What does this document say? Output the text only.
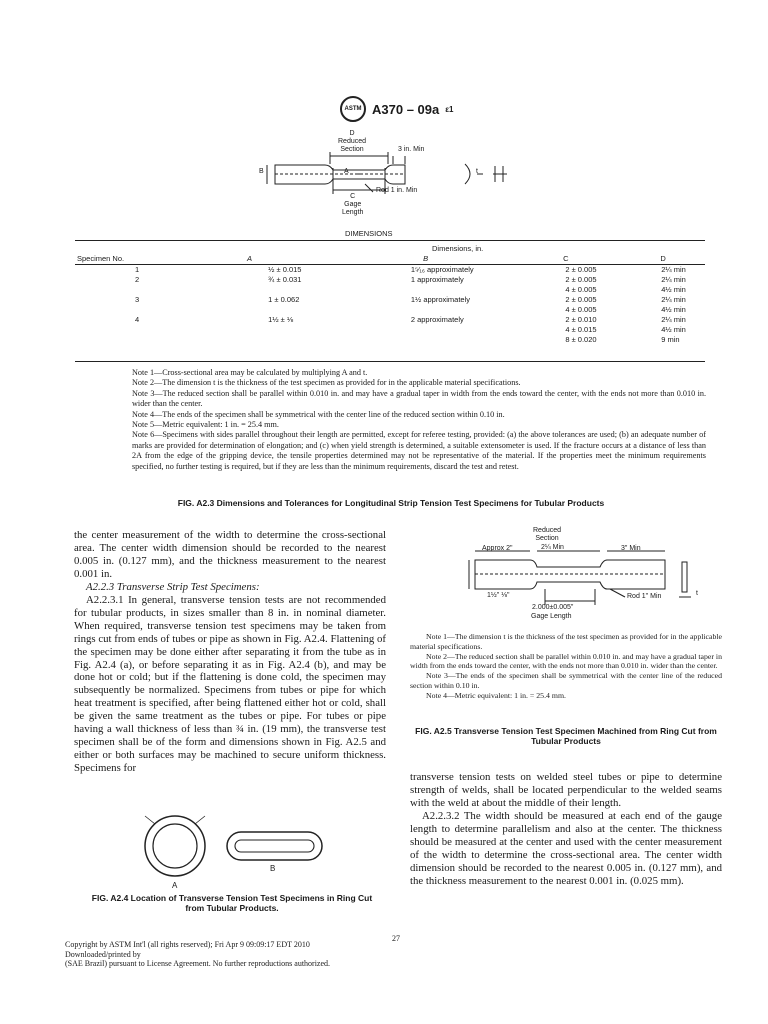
ASTM A370 – 09a ε1
D
Reduced
Section	3 in. Min
B	A
Rod 1 in. Min
t
C
Gage
Length
DIMENSIONS
Dimensions, in.
Specimen No.	A	B	C	D
1	½ ± 0.015	1⁵⁄₁₆ approximately	2 ± 0.005	2¼ min
2	¾ ± 0.031	1 approximately	2 ± 0.005	2¼ min
			4 ± 0.005	4½ min
3	1 ± 0.062	1½ approximately	2 ± 0.005	2¼ min
			4 ± 0.005	4½ min
4	1½ ± ⅛	2 approximately	2 ± 0.010	2¼ min
			4 ± 0.015	4½ min
			8 ± 0.020	9 min

Note 1—Cross-sectional area may be calculated by multiplying A and t.

Note 2—The dimension t is the thickness of the test specimen as provided for in the applicable material specifications.

Note 3—The reduced section shall be parallel within 0.010 in. and may have a gradual taper in width from the ends toward the center, with the ends not more than 0.010 in. wider than the center.

Note 4—The ends of the specimen shall be symmetrical with the center line of the reduced section within 0.10 in.

Note 5—Metric equivalent: 1 in. = 25.4 mm.

Note 6—Specimens with sides parallel throughout their length are permitted, except for referee testing, provided: (a) the above tolerances are used; (b) an adequate number of marks are provided for determination of elongation; and (c) when yield strength is determined, a suitable extensometer is used. If the fracture occurs at a distance of less than 2A from the edge of the gripping device, the tensile properties determined may not be representative of the material. If the properties meet the minimum requirements specified, no further testing is required, but if they are less than the minimum requirements, discard the test and retest.

FIG. A2.3 Dimensions and Tolerances for Longitudinal Strip Tension Test Specimens for Tubular Products

the center measurement of the width to determine the cross-sectional area. The center width dimension should be recorded to the nearest 0.005 in. (0.127 mm), and the thickness measurement to the nearest 0.001 in.

A2.2.3 Transverse Strip Test Specimens:

A2.2.3.1 In general, transverse tension tests are not recommended for tubular products, in sizes smaller than 8 in. in nominal diameter. When required, transverse tension test specimens may be taken from rings cut from ends of tubes or pipe as shown in Fig. A2.4. Flattening of the specimen may be done either after separating it from the tube as in Fig. A2.4 (a), or before separating it as in Fig. A2.4 (b), and may be done hot or cold; but if the flattening is done cold, the specimen may subsequently be normalized. Specimens from tubes or pipe for which heat treatment is specified, after being flattened either hot or cold, shall be given the same treatment as the tubes or pipe. For tubes or pipe having a wall thickness of less than ¾ in. (19 mm), the transverse test specimen shall be of the form and dimensions shown in Fig. A2.5 and either or both surfaces may be machined to secure uniform thickness. Specimens for

A
B
FIG. A2.4 Location of Transverse Tension Test Specimens in Ring Cut from Tubular Products.
Reduced
Section
Approx 2"	2¼ Min	3" Min
1½" ⅛"	Rod 1" Min
2.000±0.005"
Gage Length
t

Note 1—The dimension t is the thickness of the test specimen as provided for in the applicable material specifications.

Note 2—The reduced section shall be parallel within 0.010 in. and may have a gradual taper in width from the ends toward the center, with the ends not more than 0.010 in. wider than the center.

Note 3—The ends of the specimen shall be symmetrical with the center line of the reduced section within 0.10 in.

Note 4—Metric equivalent: 1 in. = 25.4 mm.

FIG. A2.5 Transverse Tension Test Specimen Machined from Ring Cut from Tubular Products

transverse tension tests on welded steel tubes or pipe to determine strength of welds, shall be located perpendicular to the welded seams with the weld at about the middle of their length.

A2.2.3.2 The width should be measured at each end of the gauge length to determine parallelism and also at the center. The thickness should be measured at the center and used with the center measurement of the width to determine the cross-sectional area. The center width dimension should be recorded to the nearest 0.005 in. (0.127 mm), and the thickness measurement to the nearest 0.001 in. (0.025 mm).

27
Copyright by ASTM Int'l (all rights reserved); Fri Apr 9 09:09:17 EDT 2010
Downloaded/printed by
(SAE Brazil) pursuant to License Agreement. No further reproductions authorized.
